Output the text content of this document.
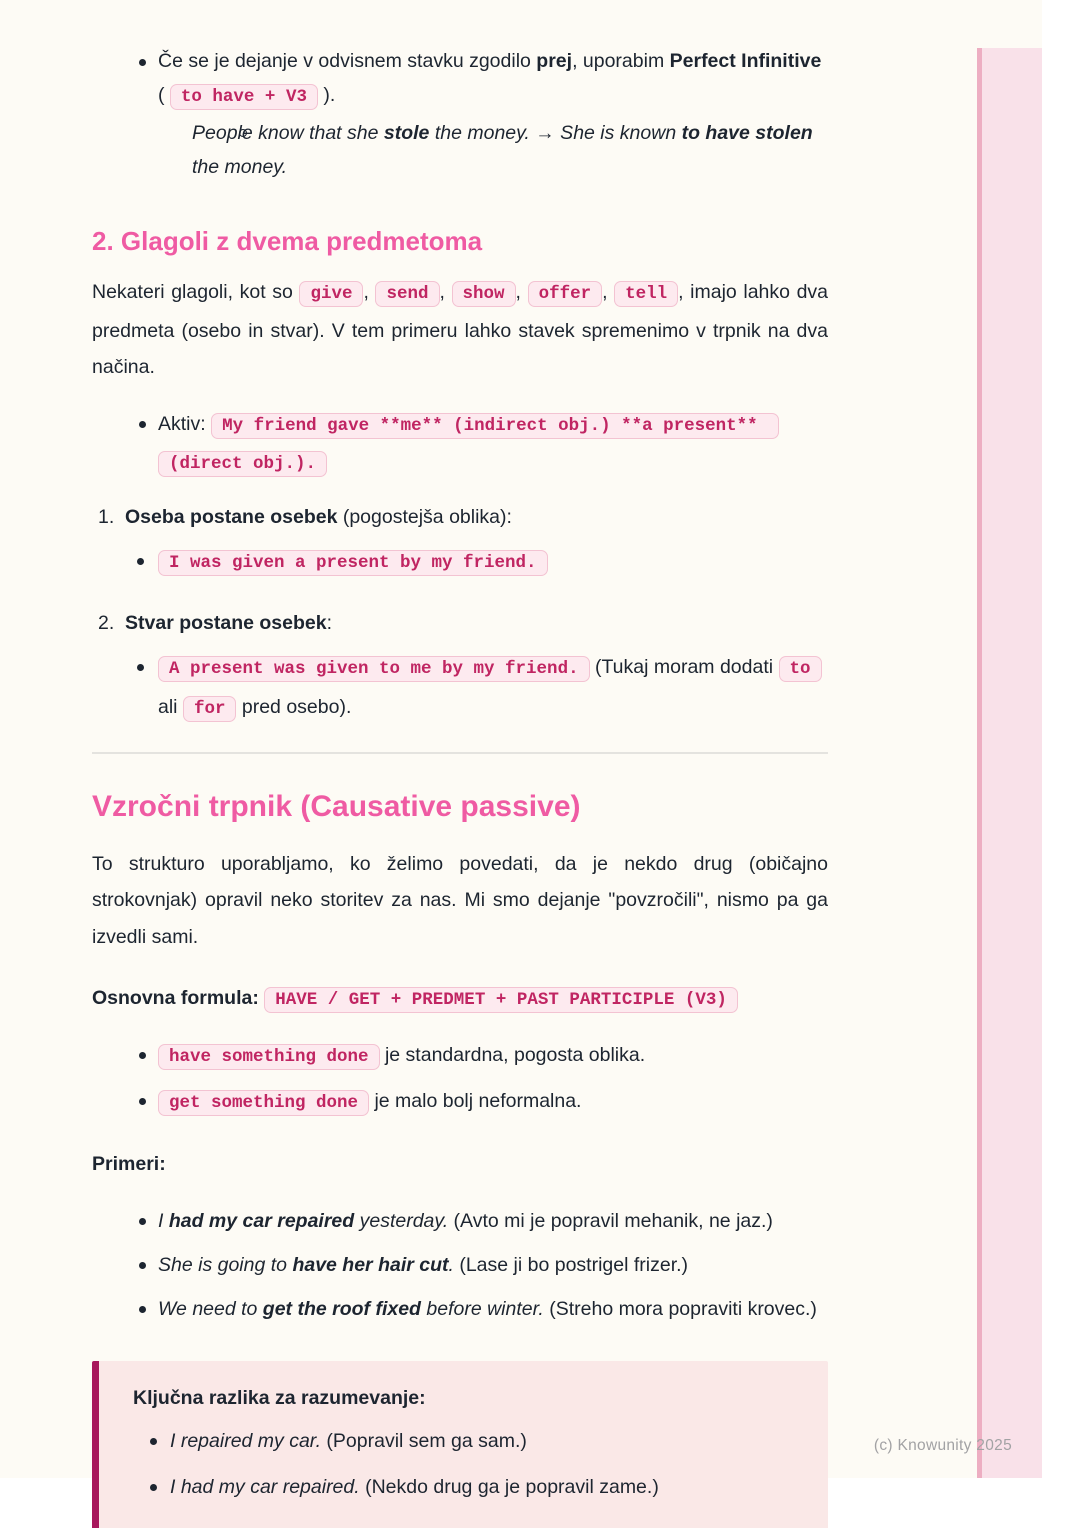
Če se je dejanje v odvisnem stavku zgodilo prej, uporabim Perfect Infinitive ( to have + V3 ).
People know that she stole the money. → She is known to have stolen the money.
2. Glagoli z dvema predmetoma

Nekateri glagoli, kot so give , send , show , offer , tell , imajo lahko dva predmeta (osebo in stvar). V tem primeru lahko stavek spremenimo v trpnik na dva načina.

Aktiv: My friend gave **me** (indirect obj.) **a present** (direct obj.).
1. Oseba postane osebek (pogostejša oblika):
I was given a present by my friend.
2. Stvar postane osebek:
A present was given to me by my friend. (Tukaj moram dodati to ali for pred osebo).
Vzročni trpnik (Causative passive)

To strukturo uporabljamo, ko želimo povedati, da je nekdo drug (običajno strokovnjak) opravil neko storitev za nas. Mi smo dejanje "povzročili", nismo pa ga izvedli sami.

Osnovna formula: HAVE / GET + PREDMET + PAST PARTICIPLE (V3)

have something done je standardna, pogosta oblika.
get something done je malo bolj neformalna.

Primeri:

I had my car repaired yesterday. (Avto mi je popravil mehanik, ne jaz.)
She is going to have her hair cut. (Lase ji bo postrigel frizer.)
We need to get the roof fixed before winter. (Streho mora popraviti krovec.)

Ključna razlika za razumevanje:

I repaired my car. (Popravil sem ga sam.)
I had my car repaired. (Nekdo drug ga je popravil zame.)
(c) Knowunity 2025
